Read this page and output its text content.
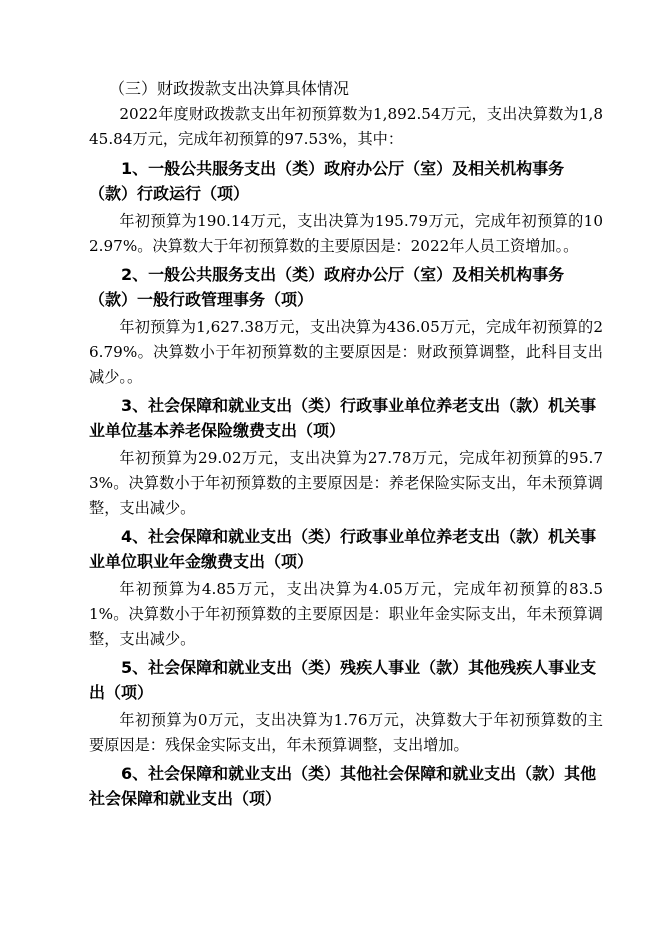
（三）财政拨款支出决算具体情况

2022年度财政拨款支出年初预算数为1,892.54万元，支出决算数为1,845.84万元，完成年初预算的97.53%，其中：

1、一般公共服务支出（类）政府办公厅（室）及相关机构事务（款）行政运行（项）

年初预算为190.14万元，支出决算为195.79万元，完成年初预算的102.97%。决算数大于年初预算数的主要原因是：2022年人员工资增加。。

2、一般公共服务支出（类）政府办公厅（室）及相关机构事务（款）一般行政管理事务（项）

年初预算为1,627.38万元，支出决算为436.05万元，完成年初预算的26.79%。决算数小于年初预算数的主要原因是：财政预算调整，此科目支出减少。。

3、社会保障和就业支出（类）行政事业单位养老支出（款）机关事业单位基本养老保险缴费支出（项）

年初预算为29.02万元，支出决算为27.78万元，完成年初预算的95.73%。决算数小于年初预算数的主要原因是：养老保险实际支出，年未预算调整，支出减少。

4、社会保障和就业支出（类）行政事业单位养老支出（款）机关事业单位职业年金缴费支出（项）

年初预算为4.85万元，支出决算为4.05万元，完成年初预算的83.51%。决算数小于年初预算数的主要原因是：职业年金实际支出，年未预算调整，支出减少。

5、社会保障和就业支出（类）残疾人事业（款）其他残疾人事业支出（项）

年初预算为0万元，支出决算为1.76万元，决算数大于年初预算数的主要原因是：残保金实际支出，年未预算调整，支出增加。

6、社会保障和就业支出（类）其他社会保障和就业支出（款）其他社会保障和就业支出（项）
